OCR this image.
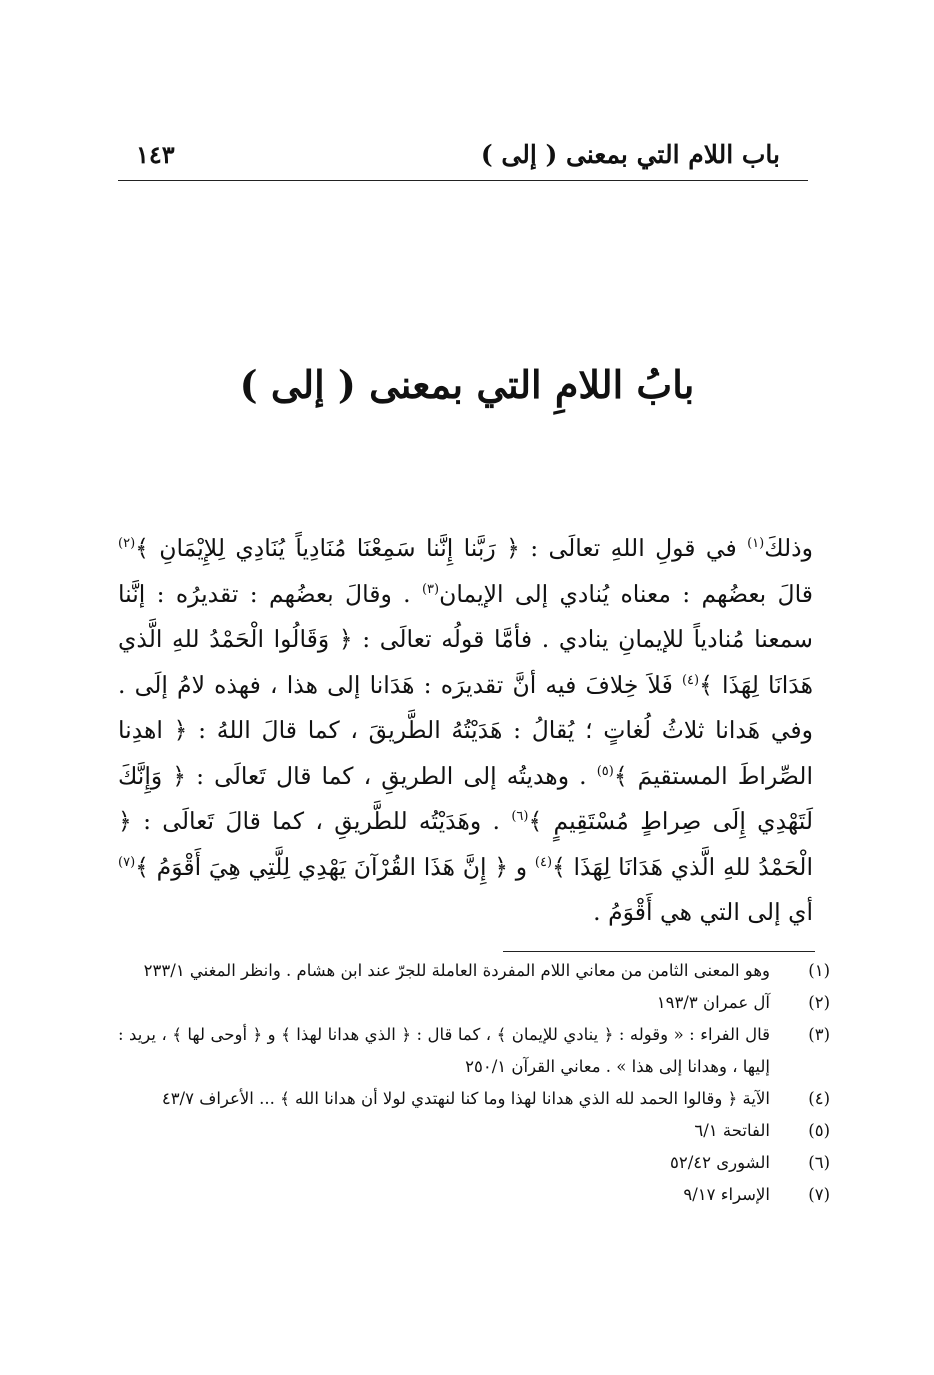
باب اللام التي بمعنى ( إلى )
١٤٣
بابُ اللامِ التي بمعنى ( إلى )

وذلكَ$^{(١)}$ في قولِ اللهِ تعالَى : ﴿ رَبَّنا إِنَّنا سَمِعْنَا مُنَادِياً يُنَادِي لِلإِيْمَانِ ﴾$^{(٢)}$ قالَ بعضُهم : معناه يُنادي إلى الإيمان$^{(٣)}$ . وقالَ بعضُهم : تقديرُه : إنَّنا سمعنا مُنادياً للإيمانِ ينادي . فأمَّا قولُه تعالَى : ﴿ وَقَالُوا الْحَمْدُ للهِ الَّذي هَدَانَا لِهَذَا ﴾$^{(٤)}$ فَلاَ خِلافَ فيه أنَّ تقديرَه : هَدَانا إلى هذا ، فهذه لامُ إلَى . وفي هَدانا ثلاثُ لُغاتٍ ؛ يُقالُ : هَدَيْتُهُ الطَّريقَ ، كما قالَ اللهُ : ﴿ اهدِنا الصِّراطَ المستقيمَ ﴾$^{(٥)}$ . وهديتُه إلى الطريقِ ، كما قال تَعالَى : ﴿ وَإِنَّكَ لَتَهْدِي إِلَى صِراطٍ مُسْتَقِيمٍ ﴾$^{(٦)}$ . وهَدَيْتُه للطَّريقِ ، كما قالَ تَعالَى : ﴿ الْحَمْدُ للهِ الَّذي هَدَانَا لِهَذَا ﴾$^{(٤)}$ و ﴿ إِنَّ هَذَا القُرْآنَ يَهْدِي لِلَّتِي هِيَ أَقْوَمُ ﴾$^{(٧)}$ أي إلى التي هي أَقْوَمُ .

(١)
وهو المعنى الثامن من معاني اللام المفردة العاملة للجرّ عند ابن هشام . وانظر المغني ٢٣٣/١
(٢)
آل عمران ١٩٣/٣
(٣)
قال الفراء : « وقوله : ﴿ ينادي للإيمان ﴾ ، كما قال : ﴿ الذي هدانا لهذا ﴾ و ﴿ أوحى لها ﴾ ، يريد : إليها ، وهدانا إلى هذا » . معاني القرآن ٢٥٠/١
(٤)
الآية ﴿ وقالوا الحمد لله الذي هدانا لهذا وما كنا لنهتدي لولا أن هدانا الله ﴾ ... الأعراف ٤٣/٧
(٥)
الفاتحة ٦/١
(٦)
الشورى ٥٢/٤٢
(٧)
الإسراء ٩/١٧
